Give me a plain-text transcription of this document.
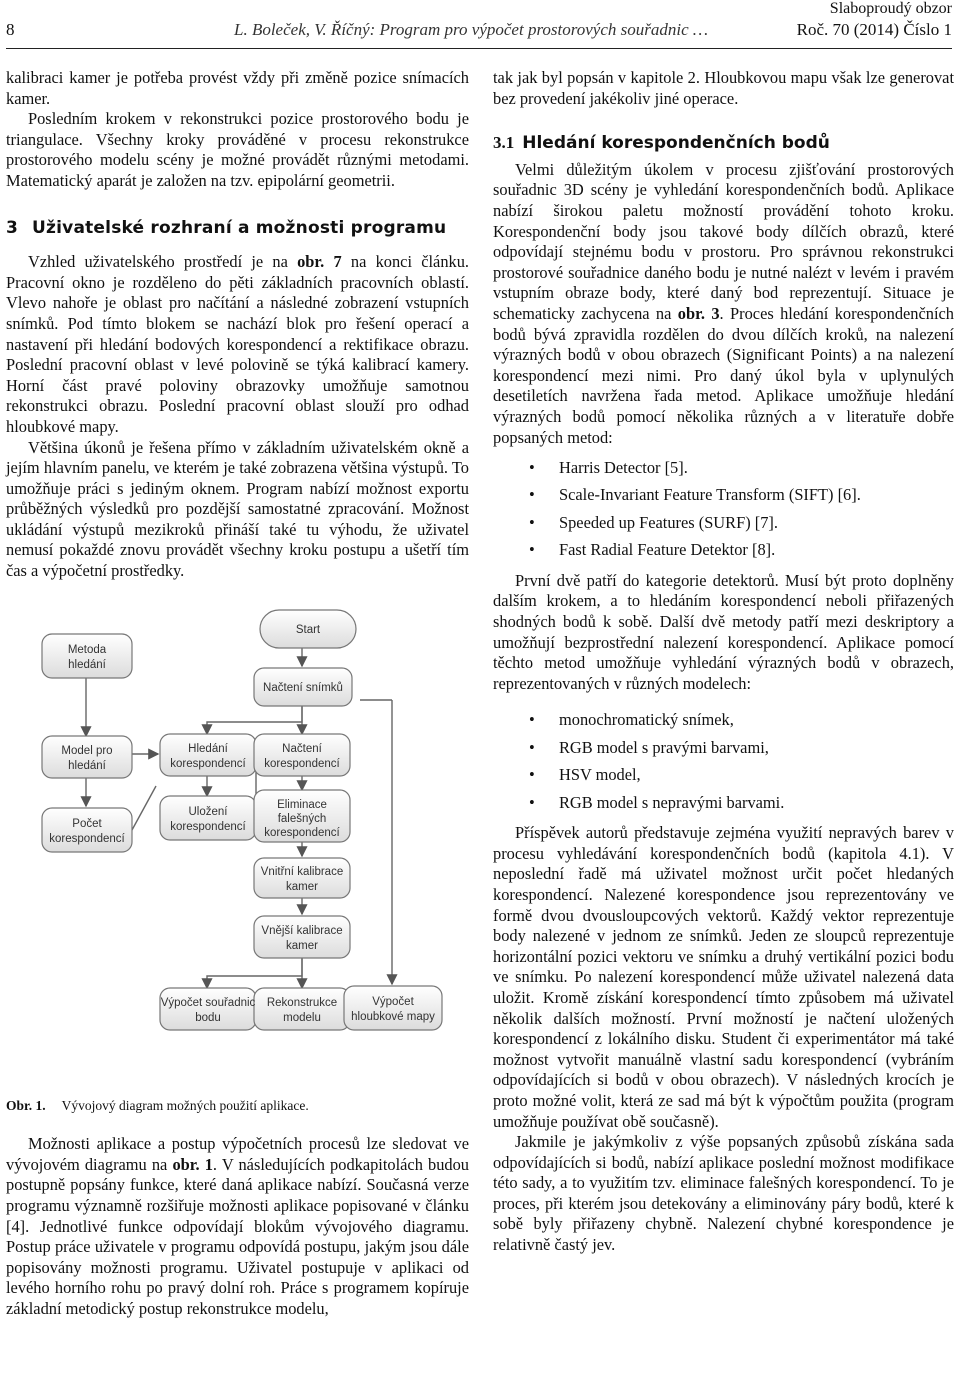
Slaboproudý obzor
8	L. Boleček, V. Říčný: Program pro výpočet prostorových souřadnic …	Roč. 70 (2014) Číslo 1

kalibraci kamer je potřeba provést vždy při změně pozice snímacích kamer.

Posledním krokem v rekonstrukci pozice prostorového bodu je triangulace. Všechny kroky prováděné v procesu rekonstrukce prostorového modelu scény je možné provádět různými metodami. Matematický aparát je založen na tzv. epipolární geometrii.

3 Uživatelské rozhraní a možnosti programu

Vzhled uživatelského prostředí je na obr. 7 na konci článku. Pracovní okno je rozděleno do pěti základních pracovních oblastí. Vlevo nahoře je oblast pro načítání a následné zobrazení vstupních snímků. Pod tímto blokem se nachází blok pro řešení operací a nastavení při hledání bodových korespondencí a rektifikace obrazu. Poslední pracovní oblast v levé polovině se týká kalibrací kamery. Horní část pravé poloviny obrazovky umožňuje samotnou rekonstrukci obrazu. Poslední pracovní oblast slouží pro odhad hloubkové mapy.

Většina úkonů je řešena přímo v základním uživatelském okně a jejím hlavním panelu, ve kterém je také zobrazena většina výstupů. To umožňuje práci s jediným oknem. Program nabízí možnost exportu průběžných výsledků pro pozdější samostatné zpracování. Možnost ukládání výstupů mezikroků přináší také tu výhodu, že uživatel nemusí pokaždé znovu provádět všechny kroku postupu a ušetří tím čas a výpočetní prostředky.

Start
Načtení snímků
Metoda
hledání
Model pro
hledání
Počet
korespondencí
Hledání
korespondencí
Načtení
korespondencí
Uložení
korespondencí
Eliminace
falešných
korespondencí
Vnitřní kalibrace
kamer
Vnější kalibrace
kamer
Výpočet souřadnic
bodu
Rekonstrukce
modelu
Výpočet
hloubkové mapy
Obr. 1. Vývojový diagram možných použití aplikace.

Možnosti aplikace a postup výpočetních procesů lze sledovat ve vývojovém diagramu na obr. 1. V následujících podkapitolách budou postupně popsány funkce, které daná aplikace nabízí. Současná verze programu významně rozšiřuje možnosti aplikace popisované v článku [4]. Jednotlivé funkce odpovídají blokům vývojového diagramu. Postup práce uživatele v programu odpovídá postupu, jakým jsou dále popisovány možnosti programu. Uživatel postupuje v aplikaci od levého horního rohu po pravý dolní roh. Práce s programem kopíruje základní metodický postup rekonstrukce modelu,

tak jak byl popsán v kapitole 2. Hloubkovou mapu však lze generovat bez provedení jakékoliv jiné operace.

3.1 Hledání korespondenčních bodů

Velmi důležitým úkolem v procesu zjišťování prostorových souřadnic 3D scény je vyhledání korespondenčních bodů. Aplikace nabízí širokou paletu možností provádění tohoto kroku. Korespondenční body jsou takové body dílčích obrazů, které odpovídají stejnému bodu v prostoru. Pro správnou rekonstrukci prostorové souřadnice daného bodu je nutné nalézt v levém i pravém vstupním obraze body, které daný bod reprezentují. Situace je schematicky zachycena na obr. 3. Proces hledání korespondenčních bodů bývá zpravidla rozdělen do dvou dílčích kroků, na nalezení výrazných bodů v obou obrazech (Significant Points) a na nalezení korespondencí mezi nimi. Pro daný úkol byla v uplynulých desetiletích navržena řada metod. Aplikace umožňuje hledání výrazných bodů pomocí několika různých a v literatuře dobře popsaných metod:

• Harris Detector [5].
• Scale-Invariant Feature Transform (SIFT) [6].
• Speeded up Features (SURF) [7].
• Fast Radial Feature Detektor [8].

První dvě patří do kategorie detektorů. Musí být proto doplněny dalším krokem, a to hledáním korespondencí neboli přiřazených shodných bodů k sobě. Další dvě metody patří mezi deskriptory a umožňují bezprostřední nalezení korespondencí. Aplikace pomocí těchto metod umožňuje vyhledání výrazných bodů v obrazech, reprezentovaných v různých modelech:

• monochromatický snímek,
• RGB model s pravými barvami,
• HSV model,
• RGB model s nepravými barvami.

Příspěvek autorů představuje zejména využití nepravých barev v procesu vyhledávání korespondenčních bodů (kapitola 4.1). V neposlední řadě má uživatel možnost určit počet hledaných korespondencí. Nalezené korespondence jsou reprezentovány ve formě dvou dvousloupcových vektorů. Každý vektor reprezentuje body nalezené v jednom ze snímků. Jeden ze sloupců reprezentuje horizontální pozici vektoru ve snímku a druhý vertikální pozici bodu ve snímku. Po nalezení korespondencí může uživatel nalezená data uložit. Kromě získání korespondencí tímto způsobem má uživatel několik dalších možností. První možností je načtení uložených korespondencí z lokálního disku. Student či experimentátor má také možnost vytvořit manuálně vlastní sadu korespondencí (vybráním odpovídajících si bodů v obou obrazech). V následných krocích je proto možné volit, která ze sad má být k výpočtům použita (program umožňuje používat obě současně).

Jakmile je jakýmkoliv z výše popsaných způsobů získána sada odpovídajících si bodů, nabízí aplikace poslední možnost modifikace této sady, a to využitím tzv. eliminace falešných korespondencí. To je proces, při kterém jsou detekovány a eliminovány páry bodů, které k sobě byly přiřazeny chybně. Nalezení chybné korespondence je relativně častý jev.
